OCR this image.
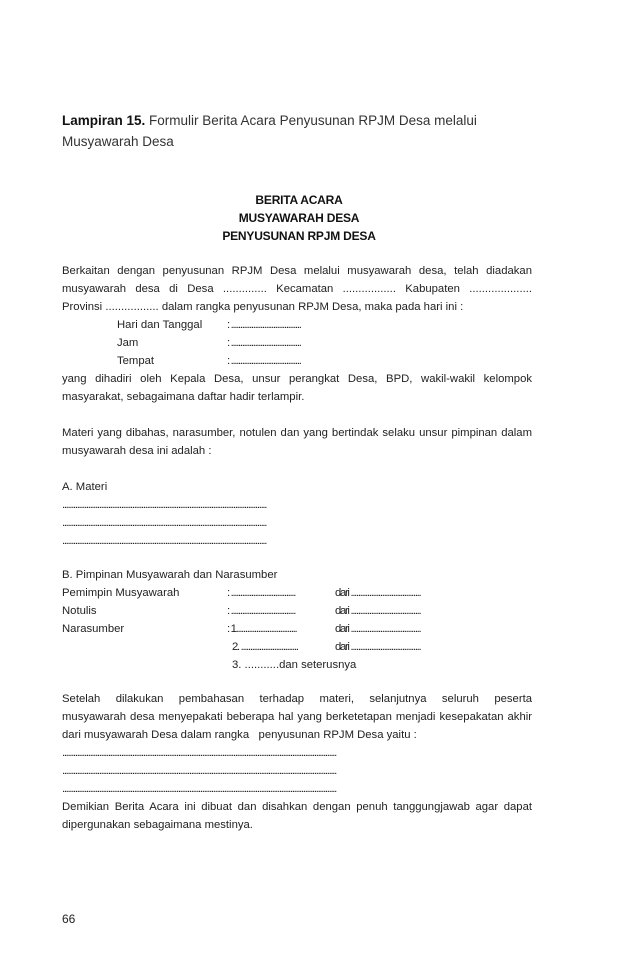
Lampiran 15. Formulir Berita Acara Penyusunan RPJM Desa melalui
Musyawarah Desa
BERITA ACARA
MUSYAWARAH DESA
PENYUSUNAN RPJM DESA
Berkaitan dengan penyusunan RPJM Desa melalui musyawarah desa, telah diadakan
musyawarah desa di Desa .............. Kecamatan ................. Kabupaten ....................
Provinsi ................. dalam rangka penyusunan RPJM Desa, maka pada hari ini :
Hari dan Tanggal : ......................................
Jam	: ......................................
Tempat	: ......................................
yang dihadiri oleh Kepala Desa, unsur perangkat Desa, BPD, wakil-wakil kelompok
masyarakat, sebagaimana daftar hadir terlampir.
Materi yang dibahas, narasumber, notulen dan yang bertindak selaku unsur pimpinan dalam
musyawarah desa ini adalah :
A. Materi
...............................................................................................................
...............................................................................................................
...............................................................................................................
B. Pimpinan Musyawarah dan Narasumber
Pemimpin Musyawarah	: ...................................	dari ......................................
Notulis	: ...................................	dari ......................................
Narasumber	: 1.................................	dari ......................................
2. ...............................	dari ......................................
3. ...........dan seterusnya
Setelah dilakukan pembahasan terhadap materi, selanjutnya seluruh peserta
musyawarah desa menyepakati beberapa hal yang berketetapan menjadi kesepakatan akhir
dari musyawarah Desa dalam rangka   penyusunan RPJM Desa yaitu :
.....................................................................................................................................................
.....................................................................................................................................................
.....................................................................................................................................................
Demikian Berita Acara ini dibuat dan disahkan dengan penuh tanggungjawab agar dapat
dipergunakan sebagaimana mestinya.
66
